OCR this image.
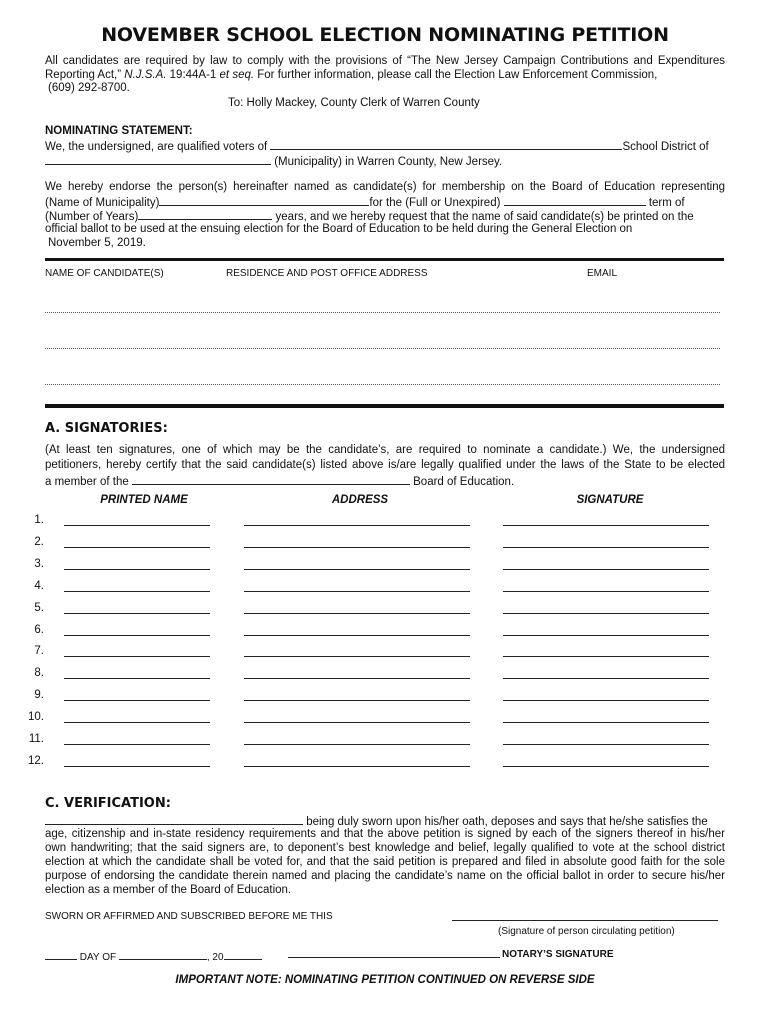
NOVEMBER SCHOOL ELECTION NOMINATING PETITION
All candidates are required by law to comply with the provisions of “The New Jersey Campaign Contributions and Expenditures
Reporting Act,” N.J.S.A. 19:44A-1 et seq. For further information, please call the Election Law Enforcement Commission,
(609) 292-8700.
To: Holly Mackey, County Clerk of Warren County
NOMINATING STATEMENT:
We, the undersigned, are qualified voters of	School District of
(Municipality) in Warren County, New Jersey.
We hereby endorse the person(s) hereinafter named as candidate(s) for membership on the Board of Education representing
(Name of Municipality)	for the (Full or Unexpired)	term of
(Number of Years)	years, and we hereby request that the name of said candidate(s) be printed on the
official ballot to be used at the ensuing election for the Board of Education to be held during the General Election on
November 5, 2019.
NAME OF CANDIDATE(S)	RESIDENCE AND POST OFFICE ADDRESS	EMAIL
A. SIGNATORIES:
(At least ten signatures, one of which may be the candidate’s, are required to nominate a candidate.) We, the undersigned
petitioners, hereby certify that the said candidate(s) listed above is/are legally qualified under the laws of the State to be elected
a member of the	Board of Education.
PRINTED NAME	ADDRESS	SIGNATURE
1.
2.
3.
4.
5.
6.
7.
8.
9.
10.
11.
12.
C. VERIFICATION:
being duly sworn upon his/her oath, deposes and says that he/she satisfies the
age, citizenship and in-state residency requirements and that the above petition is signed by each of the signers thereof in his/her
own handwriting; that the said signers are, to deponent’s best knowledge and belief, legally qualified to vote at the school district
election at which the candidate shall be voted for, and that the said petition is prepared and filed in absolute good faith for the sole
purpose of endorsing the candidate therein named and placing the candidate’s name on the official ballot in order to secure his/her
election as a member of the Board of Education.
SWORN OR AFFIRMED AND SUBSCRIBED BEFORE ME THIS
(Signature of person circulating petition)
DAY OF	, 20	NOTARY’S SIGNATURE
IMPORTANT NOTE: NOMINATING PETITION CONTINUED ON REVERSE SIDE
